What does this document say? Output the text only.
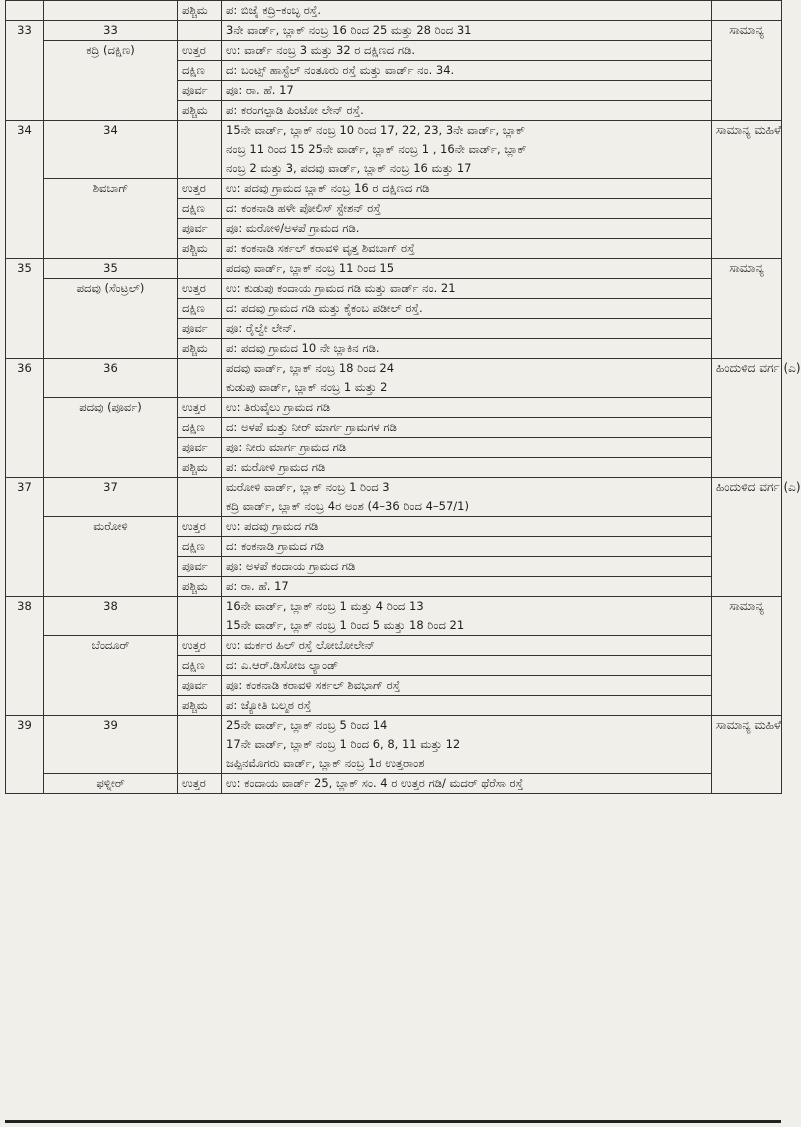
		ಪಶ್ಚಿಮ	ಪ: ಬಿಜೈ ಕದ್ರಿ–ಕಂಬ್ಳ ರಸ್ತೆ.	
33	33		3ನೇ ವಾರ್ಡ್, ಬ್ಲಾಕ್ ನಂಬ್ರ 16 ರಿಂದ 25 ಮತ್ತು 28 ರಿಂದ 31	ಸಾಮಾನ್ಯ
	ಕದ್ರಿ (ದಕ್ಷಿಣ)	ಉತ್ತರ	ಉ: ವಾರ್ಡ್ ನಂಬ್ರ 3 ಮತ್ತು 32 ರ ದಕ್ಷಿಣದ ಗಡಿ.	
		ದಕ್ಷಿಣ	ದ: ಬಂಟ್ಸ್ ಹಾಸ್ಟೆಲ್ ನಂತೂರು ರಸ್ತೆ ಮತ್ತು ವಾರ್ಡ್ ನಂ. 34.	
		ಪೂರ್ವ	ಪೂ: ರಾ. ಹೆ. 17	
		ಪಶ್ಚಿಮ	ಪ: ಕರಂಗಲ್ಪಾಡಿ ಪಿಂಟೋ ಲೇನ್ ರಸ್ತೆ.	
34	34		15ನೇ ವಾರ್ಡ್, ಬ್ಲಾಕ್ ನಂಬ್ರ 10 ರಿಂದ 17, 22, 23, 3ನೇ ವಾರ್ಡ್, ಬ್ಲಾಕ್
ನಂಬ್ರ 11 ರಿಂದ 15 25ನೇ ವಾರ್ಡ್, ಬ್ಲಾಕ್ ನಂಬ್ರ 1 , 16ನೇ ವಾರ್ಡ್, ಬ್ಲಾಕ್
ನಂಬ್ರ 2 ಮತ್ತು 3, ಪದವು ವಾರ್ಡ್, ಬ್ಲಾಕ್ ನಂಬ್ರ 16 ಮತ್ತು 17	ಸಾಮಾನ್ಯ ಮಹಿಳೆ
	ಶಿವಬಾಗ್	ಉತ್ತರ	ಉ: ಪದವು ಗ್ರಾಮದ ಬ್ಲಾಕ್ ನಂಬ್ರ 16 ರ ದಕ್ಷಿಣದ ಗಡಿ	
		ದಕ್ಷಿಣ	ದ: ಕಂಕನಾಡಿ ಹಳೇ ಪೋಲಿಸ್ ಸ್ಟೇಶನ್ ರಸ್ತೆ	
		ಪೂರ್ವ	ಪೂ: ಮರೋಳಿ/ಅಳಪೆ ಗ್ರಾಮದ ಗಡಿ.	
		ಪಶ್ಚಿಮ	ಪ: ಕಂಕನಾಡಿ ಸರ್ಕಲ್ ಕರಾವಳಿ ವೃತ್ತ ಶಿವಬಾಗ್ ರಸ್ತೆ	
35	35		ಪದವು ವಾರ್ಡ್, ಬ್ಲಾಕ್ ನಂಬ್ರ 11 ರಿಂದ 15	ಸಾಮಾನ್ಯ
	ಪದವು (ಸೆಂಟ್ರಲ್)	ಉತ್ತರ	ಉ: ಕುಡುಪು ಕಂದಾಯ ಗ್ರಾಮದ ಗಡಿ ಮತ್ತು ವಾರ್ಡ್ ನಂ. 21	
		ದಕ್ಷಿಣ	ದ: ಪದವು ಗ್ರಾಮದ ಗಡಿ ಮತ್ತು ಕೈಕಂಬ ಪಡೀಲ್ ರಸ್ತೆ.	
		ಪೂರ್ವ	ಪೂ: ರೈಲ್ವೇ ಲೇನ್.	
		ಪಶ್ಚಿಮ	ಪ: ಪದವು ಗ್ರಾಮದ 10 ನೇ ಬ್ಲಾಕಿನ ಗಡಿ.	
36	36		ಪದವು ವಾರ್ಡ್, ಬ್ಲಾಕ್ ನಂಬ್ರ 18 ರಿಂದ 24
ಕುಡುಪು ವಾರ್ಡ್, ಬ್ಲಾಕ್ ನಂಬ್ರ 1 ಮತ್ತು 2	ಹಿಂದುಳಿದ ವರ್ಗ (ಎ)
	ಪದವು (ಪೂರ್ವ)	ಉತ್ತರ	ಉ: ತಿರುವೈಲು ಗ್ರಾಮದ ಗಡಿ	
		ದಕ್ಷಿಣ	ದ: ಅಳಪೆ ಮತ್ತು ನೀರ್ ಮಾರ್ಗ ಗ್ರಾಮಗಳ ಗಡಿ	
		ಪೂರ್ವ	ಪೂ: ನೀರು ಮಾರ್ಗ ಗ್ರಾಮದ ಗಡಿ	
		ಪಶ್ಚಿಮ	ಪ: ಮರೋಳಿ ಗ್ರಾಮದ ಗಡಿ	
37	37		ಮರೋಳಿ ವಾರ್ಡ್, ಬ್ಲಾಕ್ ನಂಬ್ರ 1 ರಿಂದ 3
ಕದ್ರಿ ವಾರ್ಡ್, ಬ್ಲಾಕ್ ನಂಬ್ರ 4ರ ಅಂಶ (4–36 ರಿಂದ 4–57/1)	ಹಿಂದುಳಿದ ವರ್ಗ (ಎ)
	ಮರೋಳಿ	ಉತ್ತರ	ಉ: ಪದವು ಗ್ರಾಮದ ಗಡಿ	
		ದಕ್ಷಿಣ	ದ: ಕಂಕನಾಡಿ ಗ್ರಾಮದ ಗಡಿ	
		ಪೂರ್ವ	ಪೂ: ಅಳಪೆ ಕಂದಾಯ ಗ್ರಾಮದ ಗಡಿ	
		ಪಶ್ಚಿಮ	ಪ: ರಾ. ಹೆ. 17	
38	38		16ನೇ ವಾರ್ಡ್, ಬ್ಲಾಕ್ ನಂಬ್ರ 1 ಮತ್ತು 4 ರಿಂದ 13
15ನೇ ವಾರ್ಡ್, ಬ್ಲಾಕ್ ನಂಬ್ರ 1 ರಿಂದ 5 ಮತ್ತು 18 ರಿಂದ 21	ಸಾಮಾನ್ಯ
	ಬೆಂದೂರ್	ಉತ್ತರ	ಉ: ಮರ್ಕರ ಹಿಲ್ ರಸ್ತೆ ಲೋಬೋಲೇನ್	
		ದಕ್ಷಿಣ	ದ: ಎ.ಆರ್.ಡಿಸೋಜ ಲ್ಯಾಂಡ್	
		ಪೂರ್ವ	ಪೂ: ಕಂಕನಾಡಿ ಕರಾವಳಿ ಸರ್ಕಲ್ ಶಿವಭಾಗ್ ರಸ್ತೆ	
		ಪಶ್ಚಿಮ	ಪ: ಜ್ಯೋತಿ ಬಲ್ಮಠ ರಸ್ತೆ	
39	39		25ನೇ ವಾರ್ಡ್, ಬ್ಲಾಕ್ ನಂಬ್ರ 5 ರಿಂದ 14
17ನೇ ವಾರ್ಡ್, ಬ್ಲಾಕ್ ನಂಬ್ರ 1 ರಿಂದ 6, 8, 11 ಮತ್ತು 12
ಜಪ್ಪಿನಮೊಗರು ವಾರ್ಡ್, ಬ್ಲಾಕ್ ನಂಬ್ರ 1ರ ಉತ್ತರಾಂಶ	ಸಾಮಾನ್ಯ ಮಹಿಳೆ
	ಫಳ್ನೀರ್	ಉತ್ತರ	ಉ: ಕಂದಾಯ ವಾರ್ಡ್ 25, ಬ್ಲಾಕ್ ಸಂ. 4 ರ ಉತ್ತರ ಗಡಿ/ ಮದರ್ ಥೆರೆಸಾ ರಸ್ತೆ	
